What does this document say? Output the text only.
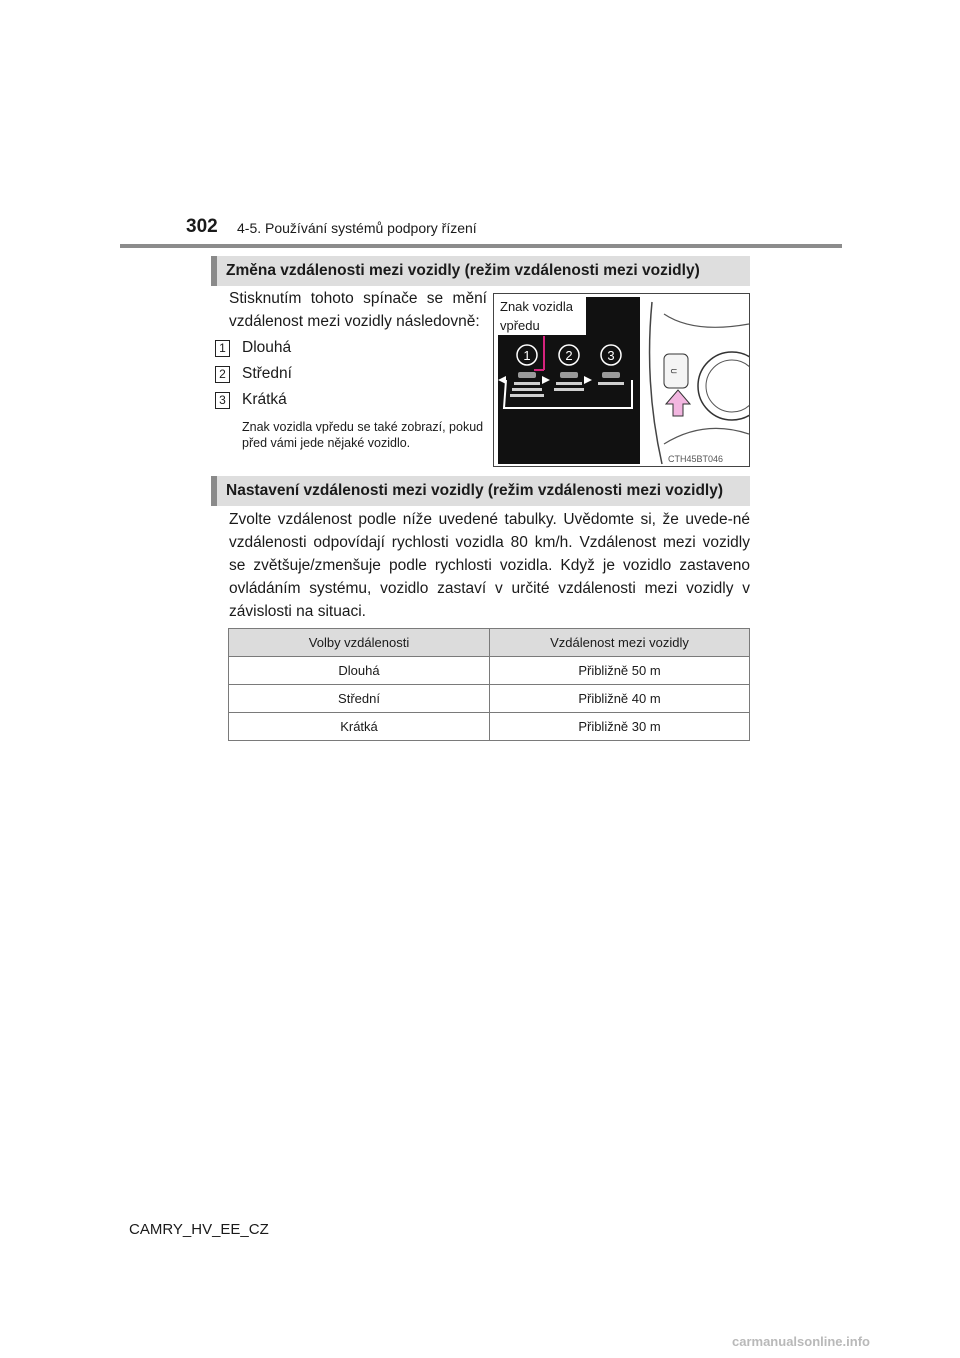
302 4-5. Používání systémů podpory řízení
Změna vzdálenosti mezi vozidly (režim vzdálenosti mezi vozidly)
Stisknutím tohoto spínače se mění vzdálenost mezi vozidly následovně:
1 Dlouhá
2 Střední
3 Krátká
Znak vozidla vpředu se také zobrazí, pokud před vámi jede nějaké vozidlo.
Znak vozidla
vpředu
1	2	3
⊂
CTH45BT046
Nastavení vzdálenosti mezi vozidly (režim vzdálenosti mezi vozidly)
Zvolte vzdálenost podle níže uvedené tabulky. Uvědomte si, že uvede-né vzdálenosti odpovídají rychlosti vozidla 80 km/h. Vzdálenost mezi vozidly se zvětšuje/zmenšuje podle rychlosti vozidla. Když je vozidlo zastaveno ovládáním systému, vozidlo zastaví v určité vzdálenosti mezi vozidly v závislosti na situaci.
Volby vzdálenosti	Vzdálenost mezi vozidly
Dlouhá	Přibližně 50 m
Střední	Přibližně 40 m
Krátká	Přibližně 30 m
CAMRY_HV_EE_CZ
carmanualsonline.info
